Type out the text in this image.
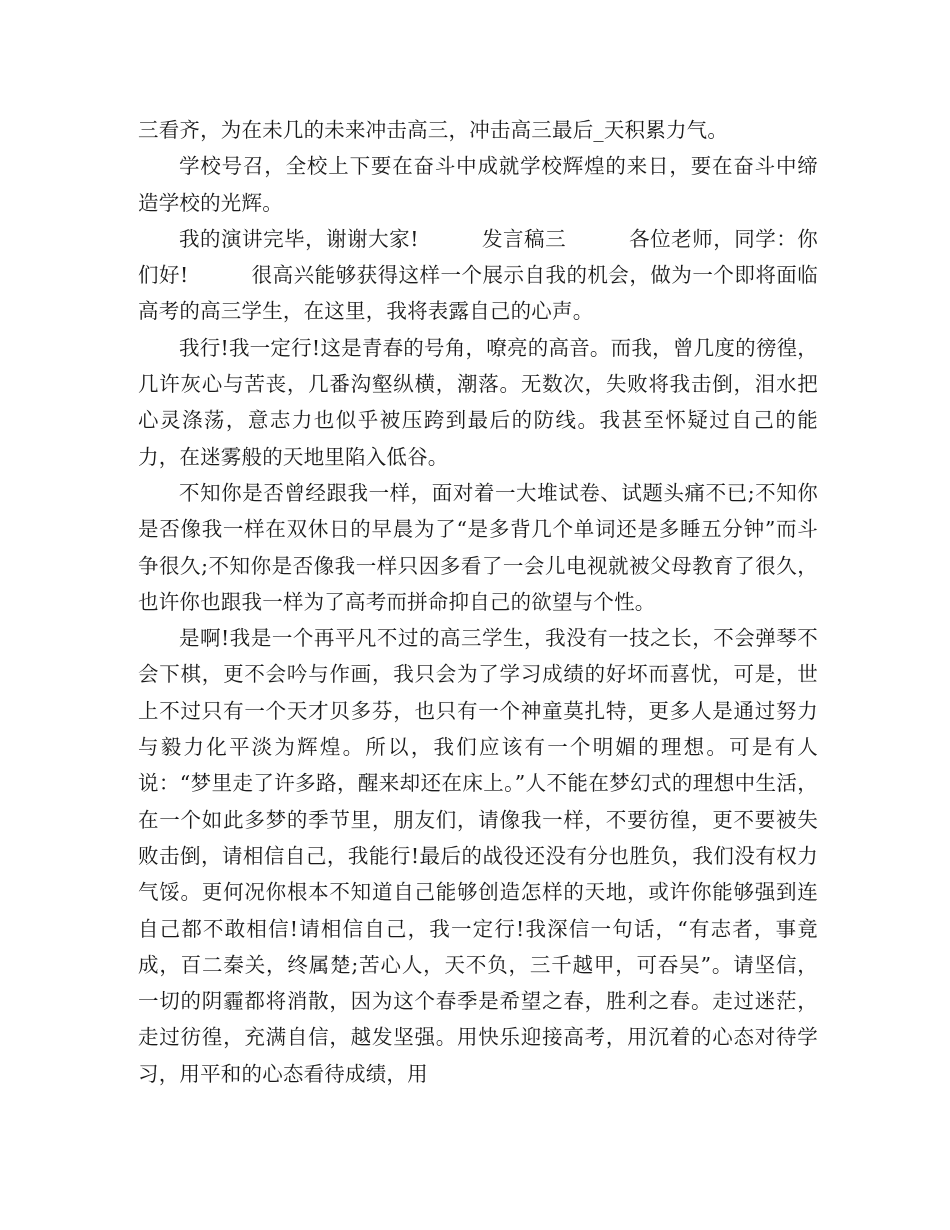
三看齐，为在未几的未来冲击高三，冲击高三最后_天积累力气。

学校号召，全校上下要在奋斗中成就学校辉煌的来日，要在奋斗中缔造学校的光辉。

我的演讲完毕，谢谢大家!　　　发言稿三　　　各位老师，同学：你们好!　　　很高兴能够获得这样一个展示自我的机会，做为一个即将面临高考的高三学生，在这里，我将表露自己的心声。

我行!我一定行!这是青春的号角，嘹亮的高音。而我，曾几度的徬徨，几许灰心与苦丧，几番沟壑纵横，潮落。无数次，失败将我击倒，泪水把心灵涤荡，意志力也似乎被压跨到最后的防线。我甚至怀疑过自己的能力，在迷雾般的天地里陷入低谷。

不知你是否曾经跟我一样，面对着一大堆试卷、试题头痛不已;不知你是否像我一样在双休日的早晨为了“是多背几个单词还是多睡五分钟”而斗争很久;不知你是否像我一样只因多看了一会儿电视就被父母教育了很久，也许你也跟我一样为了高考而拼命抑自己的欲望与个性。

是啊!我是一个再平凡不过的高三学生，我没有一技之长，不会弹琴不会下棋，更不会吟与作画，我只会为了学习成绩的好坏而喜忧，可是，世上不过只有一个天才贝多芬，也只有一个神童莫扎特，更多人是通过努力与毅力化平淡为辉煌。所以，我们应该有一个明媚的理想。可是有人说：“梦里走了许多路，醒来却还在床上。”人不能在梦幻式的理想中生活，在一个如此多梦的季节里，朋友们，请像我一样，不要彷徨，更不要被失败击倒，请相信自己，我能行!最后的战役还没有分也胜负，我们没有权力气馁。更何况你根本不知道自己能够创造怎样的天地，或许你能够强到连自己都不敢相信!请相信自己，我一定行!我深信一句话，“有志者，事竟成，百二秦关，终属楚;苦心人，天不负，三千越甲，可吞吴”。请坚信，一切的阴霾都将消散，因为这个春季是希望之春，胜利之春。走过迷茫，走过彷徨，充满自信，越发坚强。用快乐迎接高考，用沉着的心态对待学习，用平和的心态看待成绩，用
